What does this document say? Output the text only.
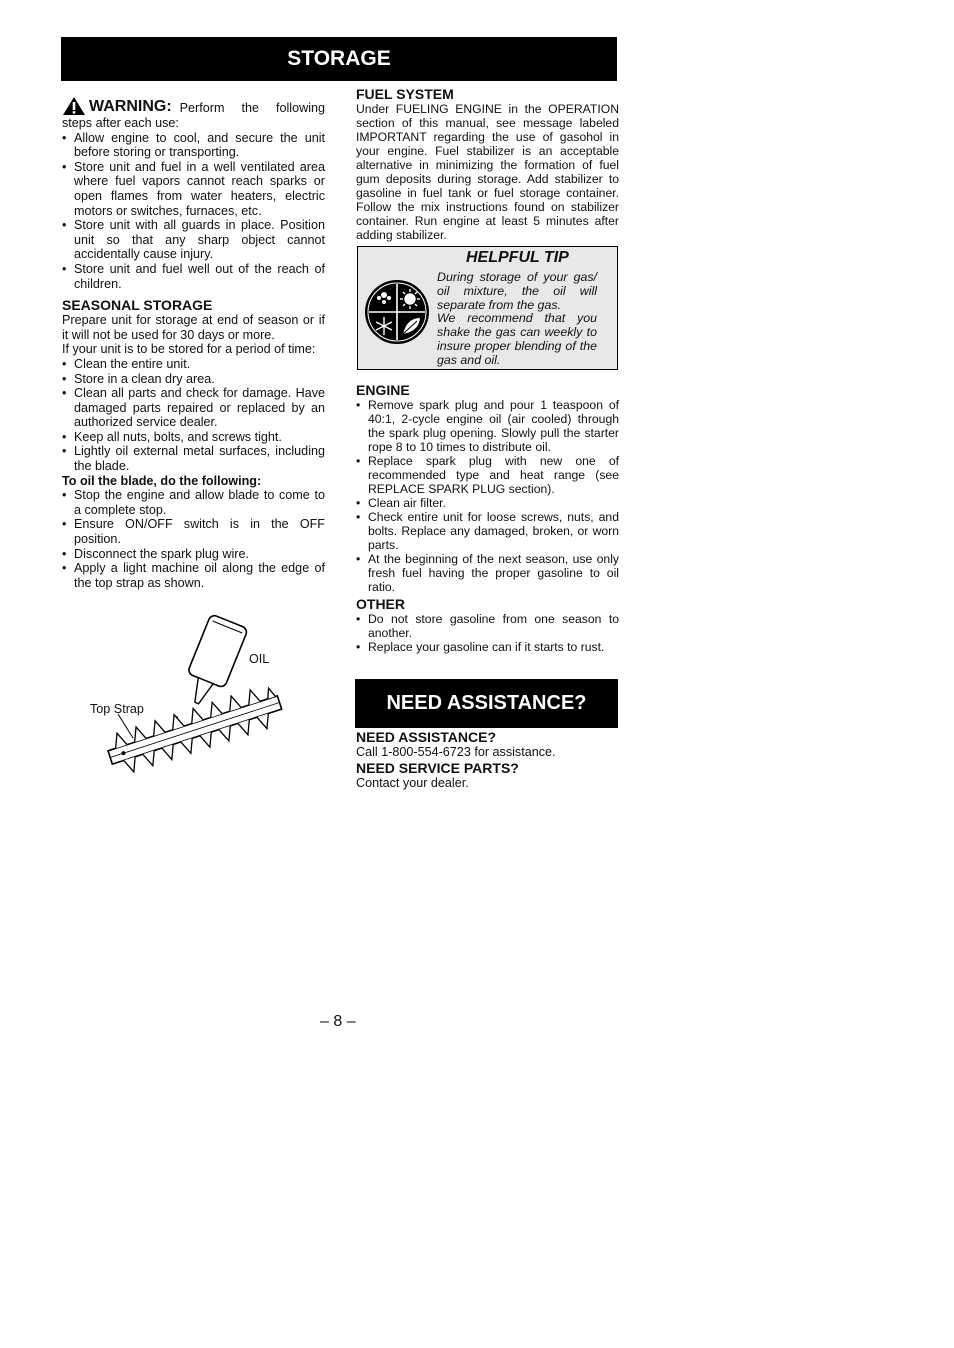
STORAGE
WARNING: Perform the following

steps after each use:

• Allow engine to cool, and secure the unit before storing or transporting.
• Store unit and fuel in a well ventilated area where fuel vapors cannot reach sparks or open flames from water heaters, electric motors or switches, furnaces, etc.
• Store unit with all guards in place. Position unit so that any sharp object cannot accidentally cause injury.
• Store unit and fuel well out of the reach of children.

SEASONAL STORAGE

Prepare unit for storage at end of season or if it will not be used for 30 days or more.

If your unit is to be stored for a period of time:

• Clean the entire unit.
• Store in a clean dry area.
• Clean all parts and check for damage. Have damaged parts repaired or replaced by an authorized service dealer.
• Keep all nuts, bolts, and screws tight.
• Lightly oil external metal surfaces, including the blade.

To oil the blade, do the following:

• Stop the engine and allow blade to come to a complete stop.
• Ensure ON/OFF switch is in the OFF position.
• Disconnect the spark plug wire.
• Apply a light machine oil along the edge of the top strap as shown.
OIL
Top Strap

FUEL SYSTEM

Under FUELING ENGINE in the OPERATION section of this manual, see message labeled IMPORTANT regarding the use of gasohol in your engine. Fuel stabilizer is an acceptable alternative in minimizing the formation of fuel gum deposits during storage. Add stabilizer to gasoline in fuel tank or fuel storage container. Follow the mix instructions found on stabilizer container. Run engine at least 5 minutes after adding stabilizer.

HELPFUL TIP
During storage of your gas/ oil mixture, the oil will separate from the gas.
We recommend that you shake the gas can weekly to insure proper blending of the gas and oil.

ENGINE

• Remove spark plug and pour 1 teaspoon of 40:1, 2-cycle engine oil (air cooled) through the spark plug opening. Slowly pull the starter rope 8 to 10 times to distribute oil.
• Replace spark plug with new one of recommended type and heat range (see REPLACE SPARK PLUG section).
• Clean air filter.
• Check entire unit for loose screws, nuts, and bolts. Replace any damaged, broken, or worn parts.
• At the beginning of the next season, use only fresh fuel having the proper gasoline to oil ratio.

OTHER

• Do not store gasoline from one season to another.
• Replace your gasoline can if it starts to rust.
NEED ASSISTANCE?

NEED ASSISTANCE?

Call 1-800-554-6723 for assistance.

NEED SERVICE PARTS?

Contact your dealer.

– 8 –
